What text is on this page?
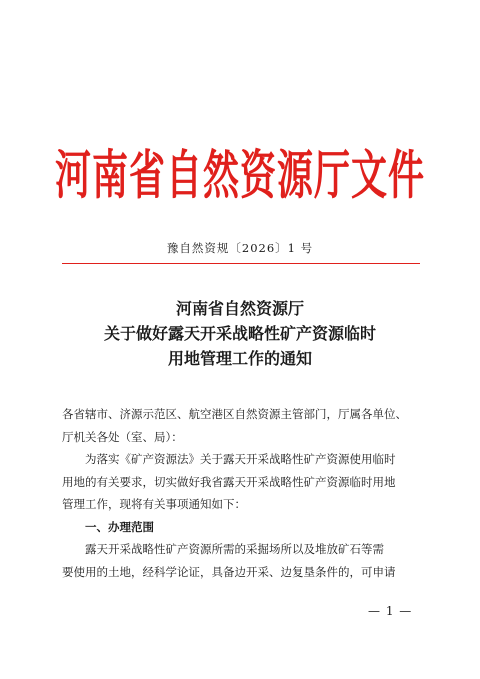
河南省自然资源厅文件
豫自然资规〔2026〕1 号
河南省自然资源厅
关于做好露天开采战略性矿产资源临时
用地管理工作的通知

各省辖市、济源示范区、航空港区自然资源主管部门，厅属各单位、

厅机关各处（室、局）：

为落实《矿产资源法》关于露天开采战略性矿产资源使用临时

用地的有关要求，切实做好我省露天开采战略性矿产资源临时用地

管理工作，现将有关事项通知如下：

一、办理范围

露天开采战略性矿产资源所需的采掘场所以及堆放矿石等需

要使用的土地，经科学论证，具备边开采、边复垦条件的，可申请

— 1 —
